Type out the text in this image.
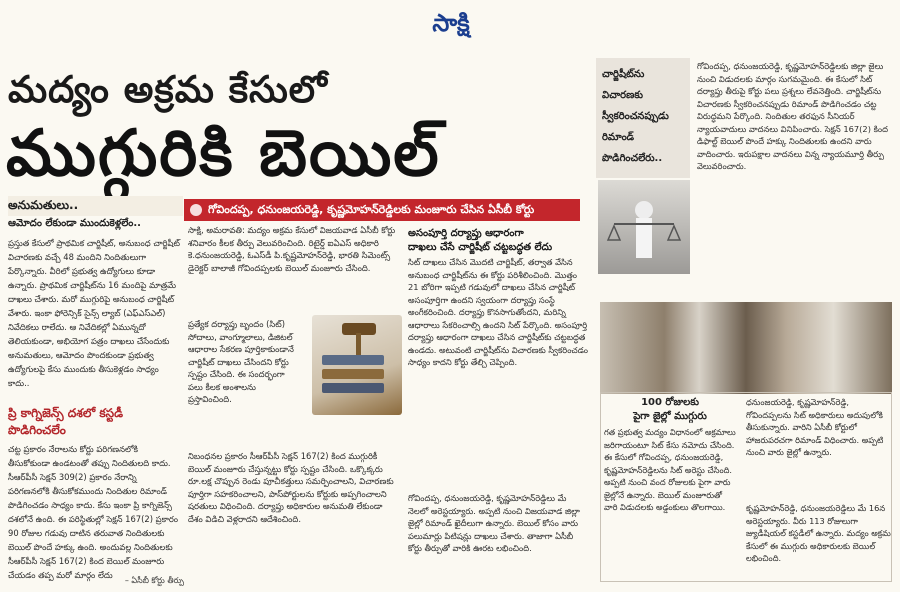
సాక్షి
మద్యం అక్రమ కేసులో
ముగ్గురికి బెయిల్
చార్జిషీట్‌ను
విచారణకు
స్వీకరించనప్పుడు
రిమాండ్
పొడిగించలేరు..
గోవిందప్ప, ధనుంజయరెడ్డి, కృష్ణమోహన్‌రెడ్డిలకు జిల్లా జైలు నుంచి విడుదలకు మార్గం సుగమమైంది. ఈ కేసులో సిట్ దర్యాప్తు తీరుపై కోర్టు పలు ప్రశ్నలు లేవనెత్తింది. చార్జిషీట్‌ను విచారణకు స్వీకరించనప్పుడు రిమాండ్ పొడిగించడం చట్ట విరుద్ధమని పేర్కొంది. నిందితుల తరఫున సీనియర్ న్యాయవాదులు వాదనలు వినిపించారు. సెక్షన్ 167(2) కింద డిఫాల్ట్ బెయిల్ పొందే హక్కు నిందితులకు ఉందని వారు వాదించారు. ఇరుపక్షాల వాదనలు విన్న న్యాయమూర్తి తీర్పు వెలువరించారు.
అనుమతులు..
ఆమోదం లేకుండా ముందుకెళ్లలేం..
గోవిందప్ప, ధనుంజయరెడ్డి, కృష్ణమోహన్‌రెడ్డిలకు మంజూరు చేసిన ఏసీబీ కోర్టు
ప్రస్తుత కేసులో ప్రాథమిక చార్జిషీట్, అనుబంధ చార్జిషీట్ విచారణకు వచ్చే 48 మందిని నిందితులుగా పేర్కొన్నారు. వీరిలో ప్రభుత్వ ఉద్యోగులు కూడా ఉన్నారు. ప్రాథమిక చార్జిషీట్‌ను 16 మందిపై మాత్రమే దాఖలు చేశారు. మరో ముగ్గురిపై అనుబంధ చార్జిషీట్ వేశారు. ఇంకా ఫోరెన్సిక్ సైన్స్ ల్యాబ్ (ఎఫ్ఎస్ఎల్) నివేదికలు రాలేదు. ఆ నివేదికల్లో ఏమున్నదో తెలియకుండా, అభియోగ పత్రం దాఖలు చేసేందుకు అనుమతులు, ఆమోదం పొందకుండా ప్రభుత్వ ఉద్యోగులపై కేసు ముందుకు తీసుకెళ్లడం సాధ్యం కాదు..
ప్రి కాగ్నిజెన్స్ దశలో కస్టడీ పొడిగించలేం
చట్ట ప్రకారం నేరాలను కోర్టు పరిగణనలోకి తీసుకోకుండా ఉండటంతో తప్పు నిందితులది కాదు. సీఆర్‌పీసీ సెక్షన్ 309(2) ప్రకారం నేరాన్ని పరిగణనలోకి తీసుకోకముందు నిందితుల రిమాండ్ పొడిగించడం సాధ్యం కాదు. కేసు ఇంకా ప్రి కాగ్నిజెన్స్ దశలోనే ఉంది. ఈ పరిస్థితుల్లో సెక్షన్ 167(2) ప్రకారం 90 రోజుల గడువు దాటిన తరువాత నిందితులకు బెయిల్ పొందే హక్కు ఉంది. అందువల్ల నిందితులకు సీఆర్‌పీసీ సెక్షన్ 167(2) కింద బెయిల్ మంజూరు చేయడం తప్ప మరో మార్గం లేదు
– ఏసీబీ కోర్టు తీర్పు
సాక్షి, అమరావతి: మద్యం అక్రమ కేసులో విజయవాడ ఏసీబీ కోర్టు శనివారం కీలక తీర్పు వెలువరించింది. రిటైర్డ్ ఐఏఎస్ అధికారి కె.ధనుంజయరెడ్డి, ఓఎస్‌డీ పి.కృష్ణమోహన్‌రెడ్డి, భారతి సిమెంట్స్ డైరెక్టర్ బాలాజీ గోవిందప్పలకు బెయిల్ మంజూరు చేసింది.
ప్రత్యేక దర్యాప్తు బృందం (సిట్) సోదాలు, వాంగ్మూలాలు, డిజిటల్ ఆధారాల సేకరణ పూర్తికాకుండానే చార్జిషీట్ దాఖలు చేసిందని కోర్టు స్పష్టం చేసింది. ఈ సందర్భంగా పలు కీలక అంశాలను ప్రస్తావించింది.
నిబంధనల ప్రకారం సీఆర్‌పీసీ సెక్షన్ 167(2) కింద ముగ్గురికీ బెయిల్ మంజూరు చేస్తున్నట్టు కోర్టు స్పష్టం చేసింది. ఒక్కొక్కరు రూ.లక్ష చొప్పున రెండు పూచీకత్తులు సమర్పించాలని, విచారణకు పూర్తిగా సహకరించాలని, పాస్‌పోర్టులను కోర్టుకు అప్పగించాలని షరతులు విధించింది. దర్యాప్తు అధికారుల అనుమతి లేకుండా దేశం విడిచి వెళ్లరాదని ఆదేశించింది.
అసంపూర్తి దర్యాప్తు ఆధారంగా
దాఖలు చేసే చార్జిషీట్ చట్టబద్ధత లేదు
సిట్ దాఖలు చేసిన మొదటి చార్జిషీట్, తర్వాత వేసిన అనుబంధ చార్జిషీట్‌ను ఈ కోర్టు పరిశీలించింది. మొత్తం 21 బోరిగా ఇప్పటి గడువులో దాఖలు చేసిన చార్జిషీట్ అసంపూర్తిగా ఉందని స్వయంగా దర్యాప్తు సంస్థే అంగీకరించింది. దర్యాప్తు కొనసాగుతోందని, మరిన్ని ఆధారాలు సేకరించాల్సి ఉందని సిట్ పేర్కొంది. అసంపూర్తి దర్యాప్తు ఆధారంగా దాఖలు చేసిన చార్జిషీట్‌కు చట్టబద్ధత ఉండదు. అటువంటి చార్జిషీట్‌ను విచారణకు స్వీకరించడం సాధ్యం కాదని కోర్టు తేల్చి చెప్పింది.
గోవిందప్ప, ధనుంజయరెడ్డి, కృష్ణమోహన్‌రెడ్డిలు మే నెలలో అరెస్టయ్యారు. అప్పటి నుంచి విజయవాడ జిల్లా జైల్లో రిమాండ్ ఖైదీలుగా ఉన్నారు. బెయిల్ కోసం వారు పలుమార్లు పిటిషన్లు దాఖలు చేశారు. తాజాగా ఏసీబీ కోర్టు తీర్పుతో వారికి ఊరట లభించింది.
100 రోజులకు
పైగా జైల్లో ముగ్గురు
గత ప్రభుత్వ మద్యం విధానంలో అక్రమాలు జరిగాయంటూ సిట్ కేసు నమోదు చేసింది. ఈ కేసులో గోవిందప్ప, ధనుంజయరెడ్డి, కృష్ణమోహన్‌రెడ్డిలను సిట్ అరెస్టు చేసింది. అప్పటి నుంచి వంద రోజులకు పైగా వారు జైల్లోనే ఉన్నారు. బెయిల్ మంజూరుతో వారి విడుదలకు అడ్డంకులు తొలగాయి.
ధనుంజయరెడ్డి, కృష్ణమోహన్‌రెడ్డి, గోవిందప్పలను సిట్ అధికారులు అదుపులోకి తీసుకున్నారు. వారిని ఏసీబీ కోర్టులో హాజరుపరచగా రిమాండ్ విధించారు. అప్పటి నుంచి వారు జైల్లో ఉన్నారు.
కృష్ణమోహన్‌రెడ్డి, ధనుంజయరెడ్డిలు మే 16న అరెస్టయ్యారు. వీరు 113 రోజులుగా జ్యుడీషియల్ కస్టడీలో ఉన్నారు. మద్యం అక్రమ కేసులో ఈ ముగ్గురు అధికారులకు బెయిల్ లభించింది.
